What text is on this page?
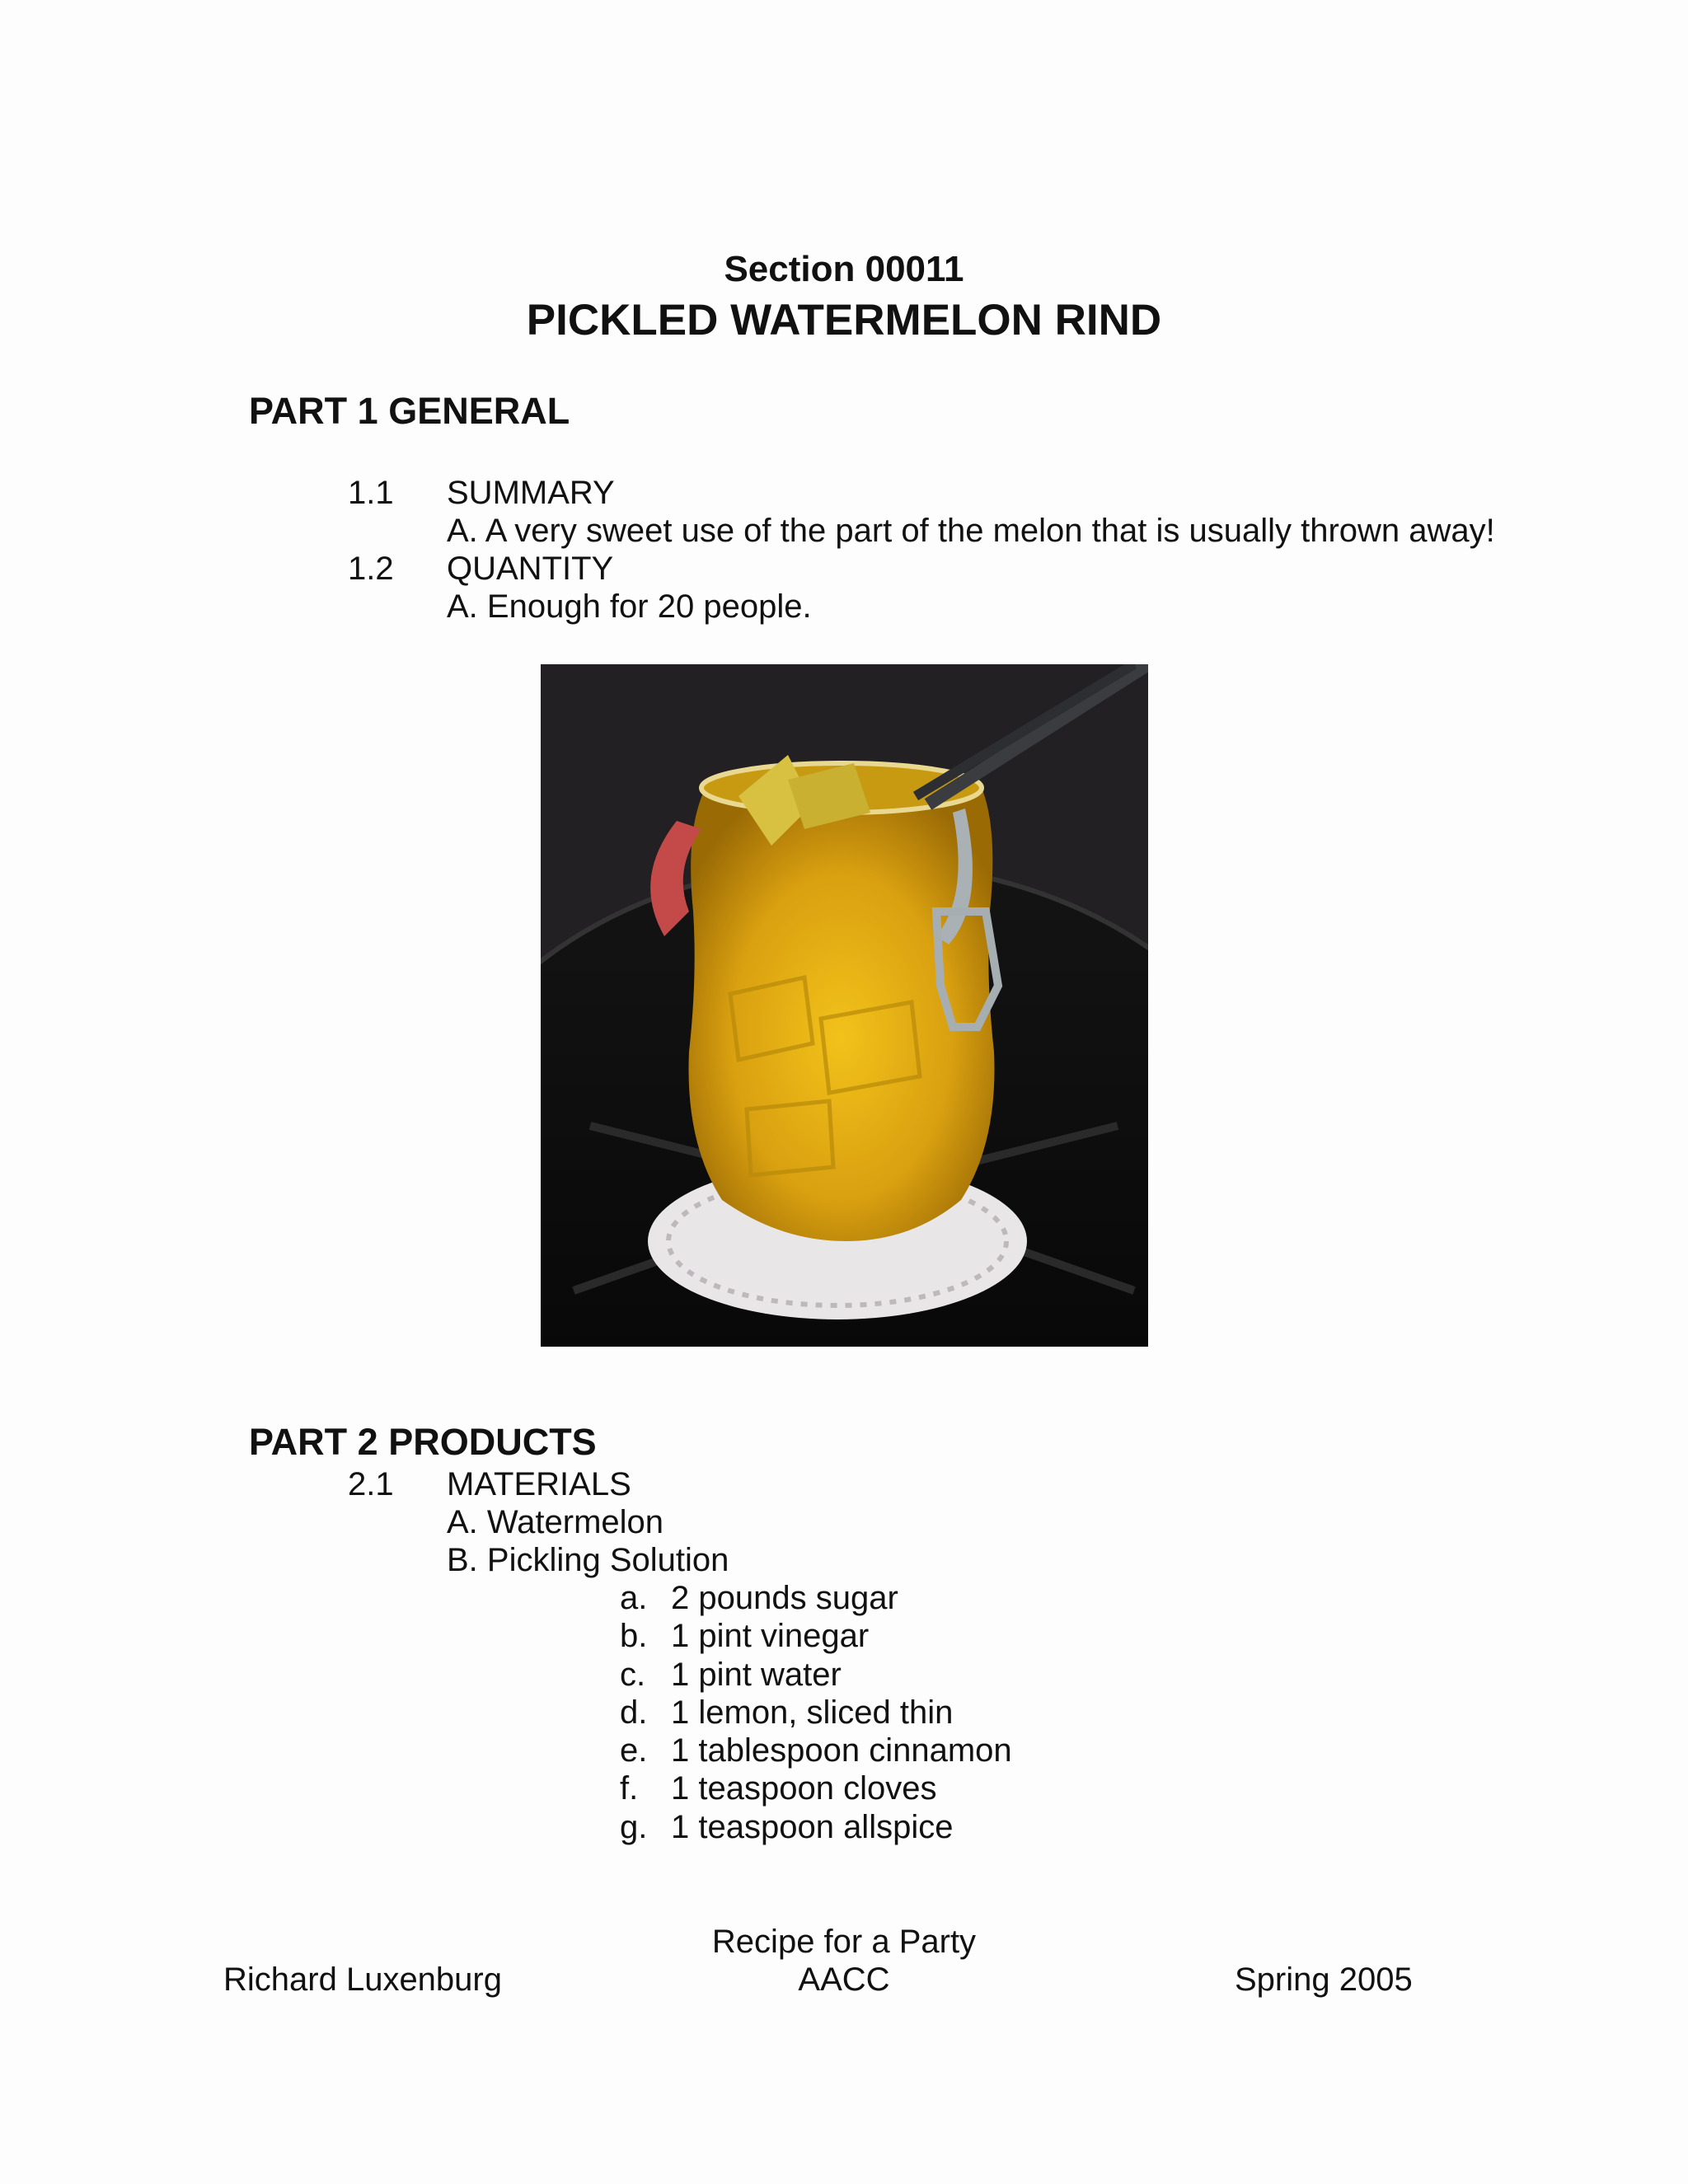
Section 00011
PICKLED WATERMELON RIND
PART 1 GENERAL
1.1 SUMMARY
A. A very sweet use of the part of the melon that is usually thrown away!
1.2 QUANTITY
A. Enough for 20 people.
PART 2 PRODUCTS
2.1 MATERIALS
A. Watermelon
B. Pickling Solution
a. 2 pounds sugar
b. 1 pint vinegar
c. 1 pint water
d. 1 lemon, sliced thin
e. 1 tablespoon cinnamon
f. 1 teaspoon cloves
g. 1 teaspoon allspice
Recipe for a Party
AACC
Richard Luxenburg	Spring 2005
